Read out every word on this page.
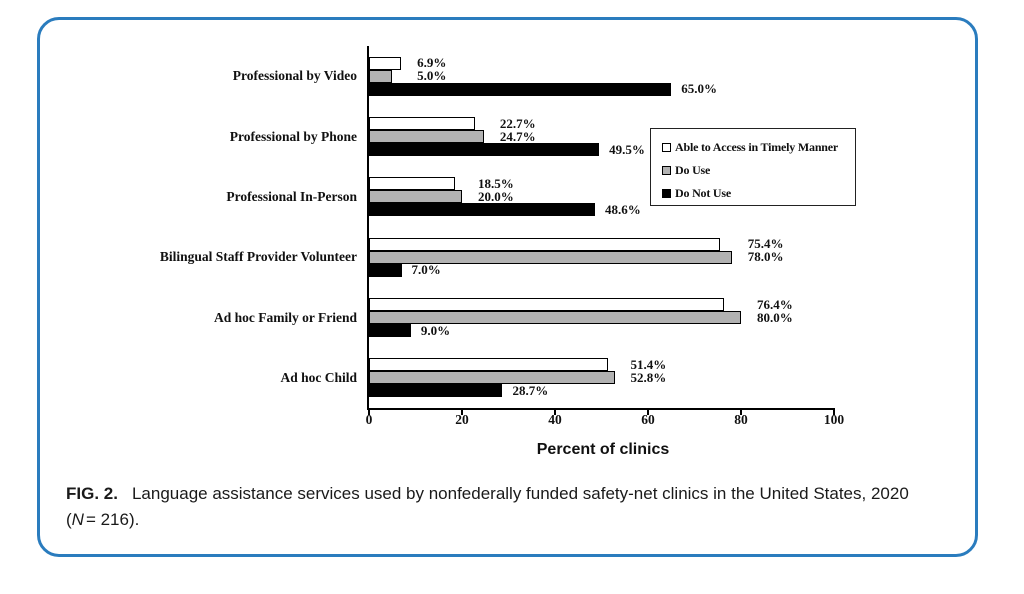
Percent of clinics
Able to Access in Timely Manner
Do Use
Do Not Use
Professional by Video
6.9%
5.0%
65.0%
Professional by Phone
22.7%
24.7%
49.5%
Professional In-Person
18.5%
20.0%
48.6%
Bilingual Staff Provider Volunteer
75.4%
78.0%
7.0%
Ad hoc Family or Friend
76.4%
80.0%
9.0%
Ad hoc Child
51.4%
52.8%
28.7%
0	20	40	60	80	100
FIG. 2. Language assistance services used by nonfederally funded safety-net clinics in the United States, 2020
(N = 216).
